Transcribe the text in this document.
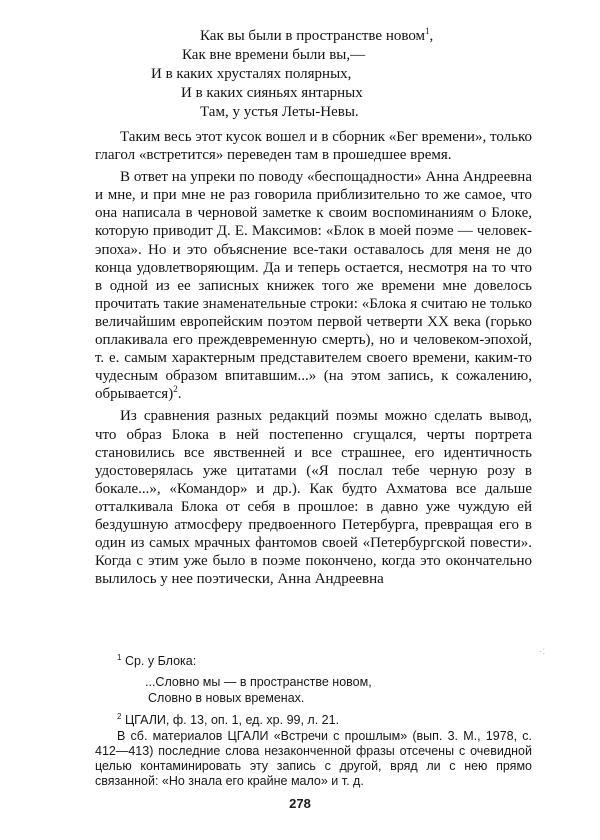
Как вы были в пространстве новом$^1$,
Как вне времени были вы,—
И в каких хрусталях полярных,
И в каких сияньях янтарных
Там, у устья Леты-Невы.

Таким весь этот кусок вошел и в сборник «Бег времени», только глагол «встретится» переведен там в прошедшее время.

В ответ на упреки по поводу «беспощадности» Анна Андреевна и мне, и при мне не раз говорила приблизительно то же самое, что она написала в черновой заметке к своим воспоминаниям о Блоке, которую приводит Д. Е. Максимов: «Блок в моей поэме — человек-эпоха». Но и это объяснение все-таки оставалось для меня не до конца удовлетворяющим. Да и теперь остается, несмотря на то что в одной из ее записных книжек того же времени мне довелось прочитать такие знаменательные строки: «Блока я считаю не только величайшим европейским поэтом первой четверти XX века (горько оплакивала его преждевременную смерть), но и человеком-эпохой, т. е. самым характерным представителем своего времени, каким-то чудесным образом впитавшим...» (на этом запись, к сожалению, обрывается)$^2$.

Из сравнения разных редакций поэмы можно сделать вывод, что образ Блока в ней постепенно сгущался, черты портрета становились все явственней и все страшнее, его идентичность удостоверялась уже цитатами («Я послал тебе черную розу в бокале...», «Командор» и др.). Как будто Ахматова все дальше отталкивала Блока от себя в прошлое: в давно уже чуждую ей бездушную атмосферу предвоенного Петербурга, превращая его в один из самых мрачных фантомов своей «Петербургской повести». Когда с этим уже было в поэме покончено, когда это окончательно вылилось у нее поэтически, Анна Андреевна

·:
$^1$ Ср. у Блока:
...Словно мы — в пространстве новом,
Словно в новых временах.
$^2$ ЦГАЛИ, ф. 13, оп. 1, ед. хр. 99, л. 21.
В сб. материалов ЦГАЛИ «Встречи с прошлым» (вып. 3. М., 1978, с. 412—413) последние слова незаконченной фразы отсечены с очевидной целью контаминировать эту запись с другой, вряд ли с нею прямо связанной: «Но знала его крайне мало» и т. д.
278
